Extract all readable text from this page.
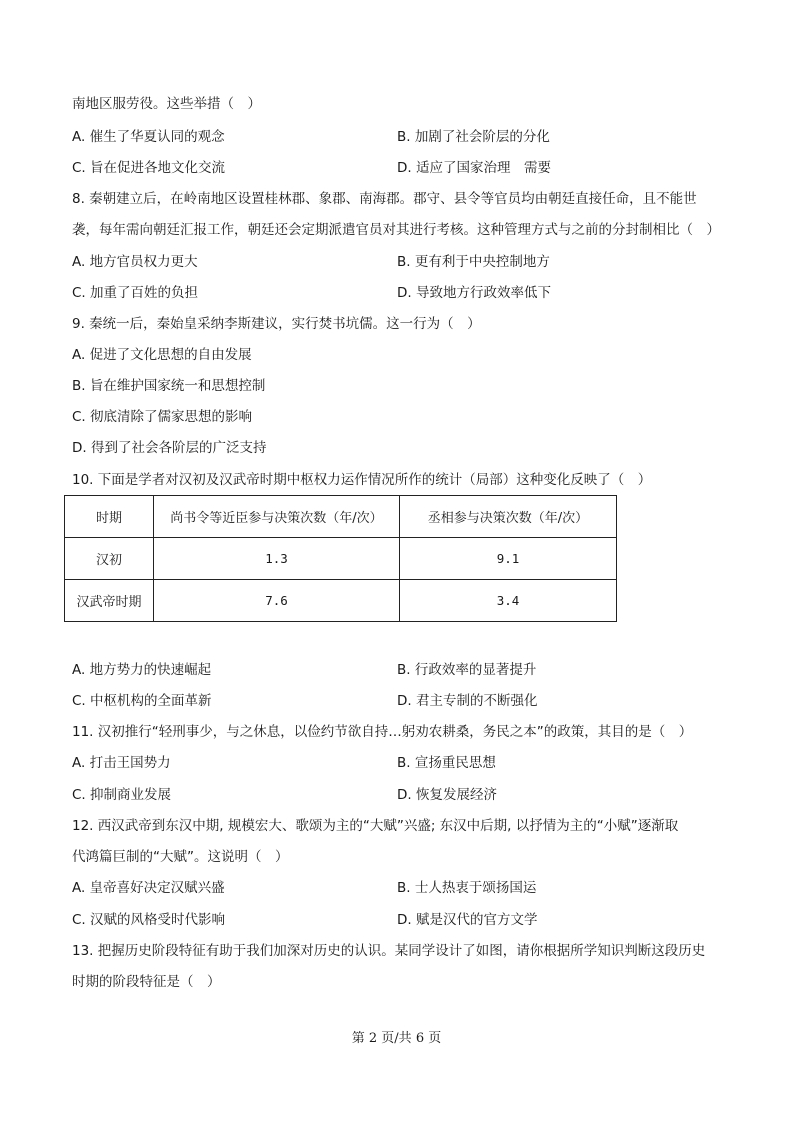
南地区服劳役。这些举措（　）
A. 催生了华夏认同的观念	B. 加剧了社会阶层的分化
C. 旨在促进各地文化交流	D. 适应了国家治理　需要
8. 秦朝建立后，在岭南地区设置桂林郡、象郡、南海郡。郡守、县令等官员均由朝廷直接任命，且不能世
袭，每年需向朝廷汇报工作，朝廷还会定期派遣官员对其进行考核。这种管理方式与之前的分封制相比（　）
A. 地方官员权力更大	B. 更有利于中央控制地方
C. 加重了百姓的负担	D. 导致地方行政效率低下
9. 秦统一后，秦始皇采纳李斯建议，实行焚书坑儒。这一行为（　）
A. 促进了文化思想的自由发展
B. 旨在维护国家统一和思想控制
C. 彻底清除了儒家思想的影响
D. 得到了社会各阶层的广泛支持
10. 下面是学者对汉初及汉武帝时期中枢权力运作情况所作的统计（局部）这种变化反映了（　）
时期	尚书令等近臣参与决策次数（年/次）	丞相参与决策次数（年/次）
汉初	1.3	9.1
汉武帝时期	7.6	3.4
A. 地方势力的快速崛起	B. 行政效率的显著提升
C. 中枢机构的全面革新	D. 君主专制的不断强化
11. 汉初推行“轻刑事少，与之休息，以俭约节欲自持…躬劝农耕桑，务民之本”的政策，其目的是（　）
A. 打击王国势力	B. 宣扬重民思想
C. 抑制商业发展	D. 恢复发展经济
12. 西汉武帝到东汉中期, 规模宏大、歌颂为主的“大赋”兴盛; 东汉中后期, 以抒情为主的“小赋”逐渐取
代鸿篇巨制的“大赋”。这说明（　）
A. 皇帝喜好决定汉赋兴盛	B. 士人热衷于颂扬国运
C. 汉赋的风格受时代影响	D. 赋是汉代的官方文学
13. 把握历史阶段特征有助于我们加深对历史的认识。某同学设计了如图，请你根据所学知识判断这段历史
时期的阶段特征是（　）
第 2 页/共 6 页
